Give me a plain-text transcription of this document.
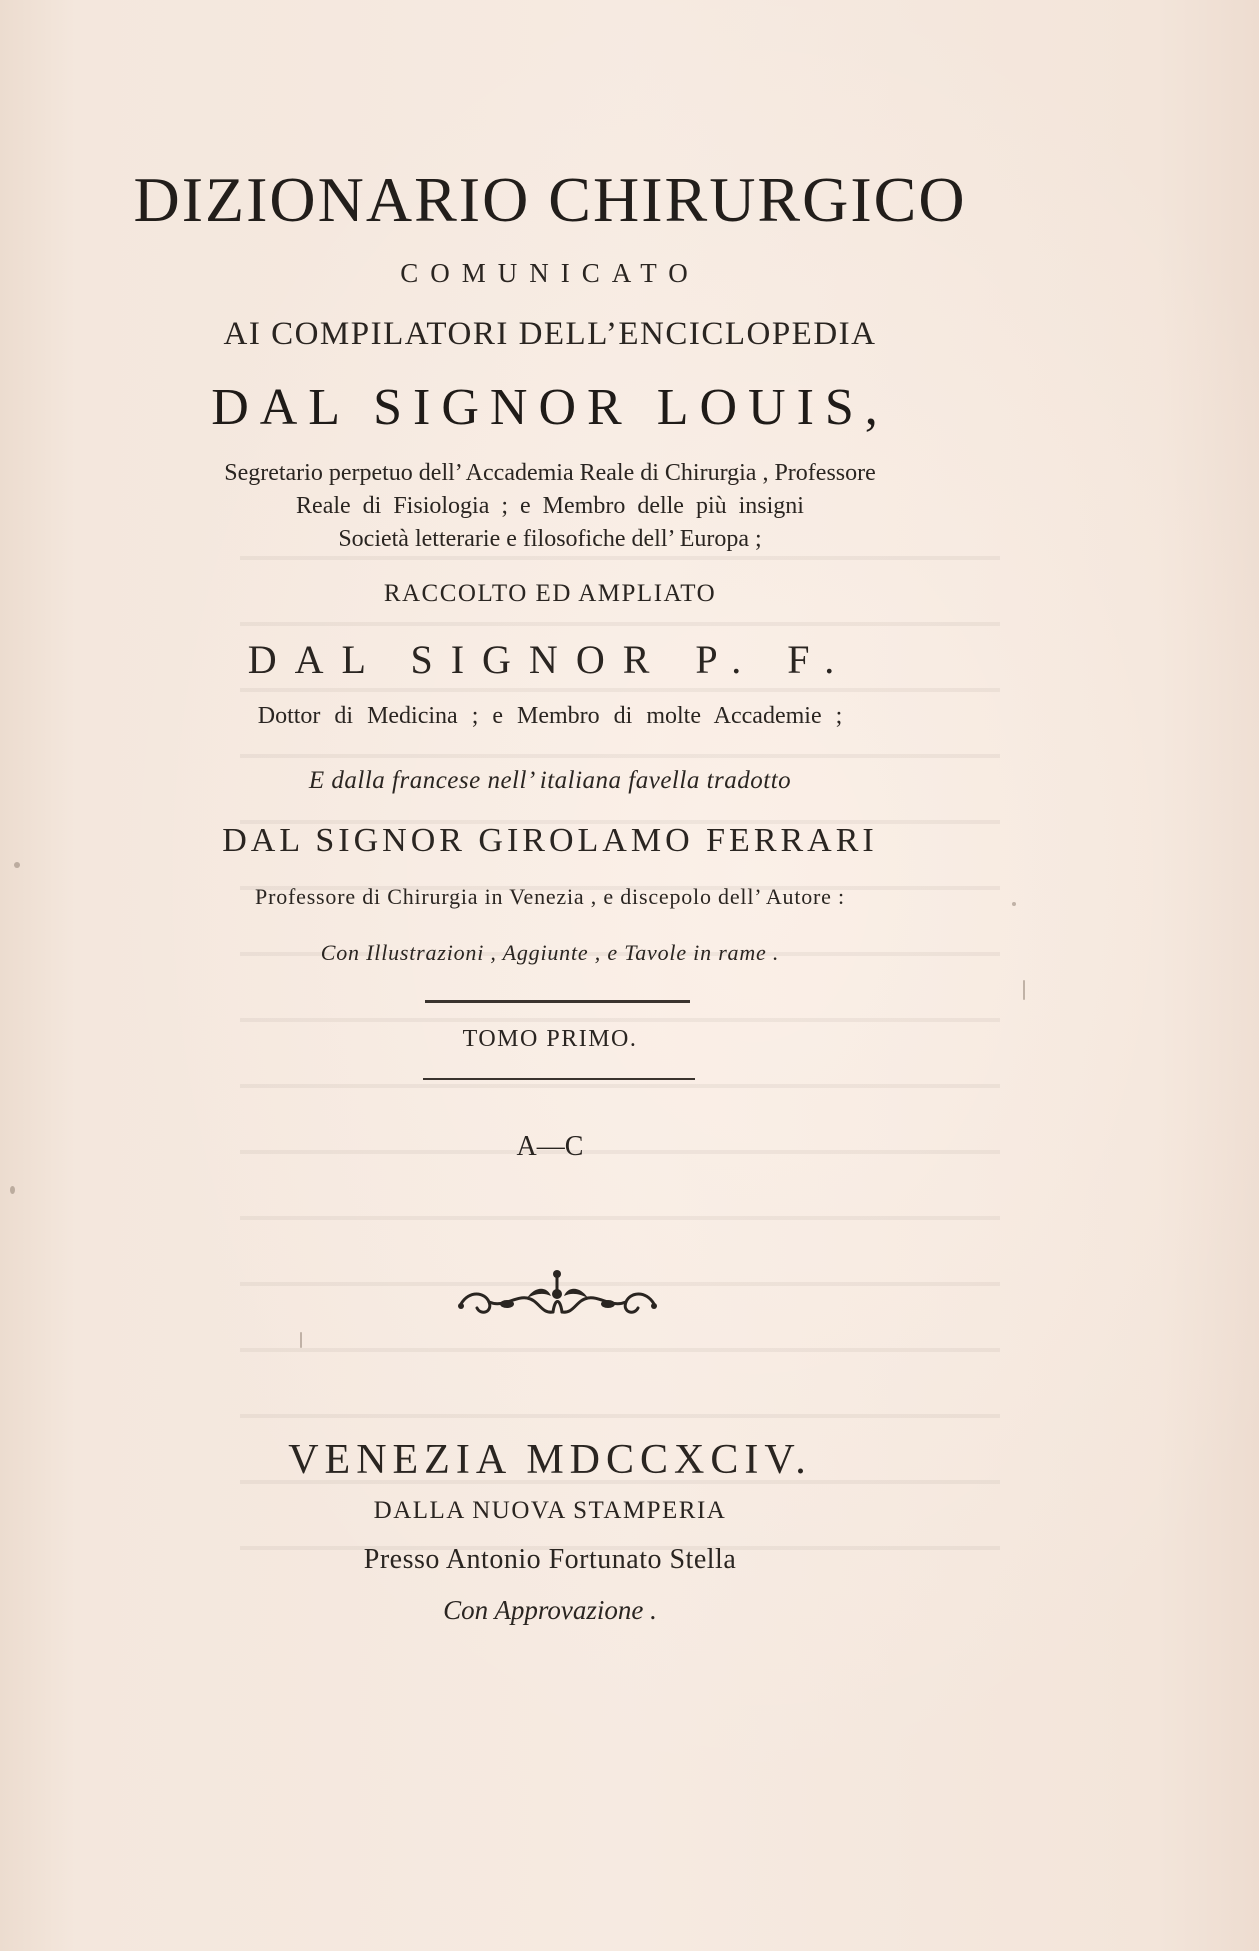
DIZIONARIO CHIRURGICO
COMUNICATO
AI COMPILATORI DELL’ENCICLOPEDIA
DAL SIGNOR LOUIS,
Segretario perpetuo dell’ Accademia Reale di Chirurgia , Professore
Reale di Fisiologia ; e Membro delle più insigni
Società letterarie e filosofiche dell’ Europa ;
RACCOLTO ED AMPLIATO
DAL SIGNOR P. F.
Dottor di Medicina ; e Membro di molte Accademie ;
E dalla francese nell’ italiana favella tradotto
DAL SIGNOR GIROLAMO FERRARI
Professore di Chirurgia in Venezia , e discepolo dell’ Autore :
Con Illustrazioni , Aggiunte , e Tavole in rame .
TOMO PRIMO.
A—C
VENEZIA MDCCXCIV.
DALLA NUOVA STAMPERIA
Presso Antonio Fortunato Stella
Con Approvazione .
